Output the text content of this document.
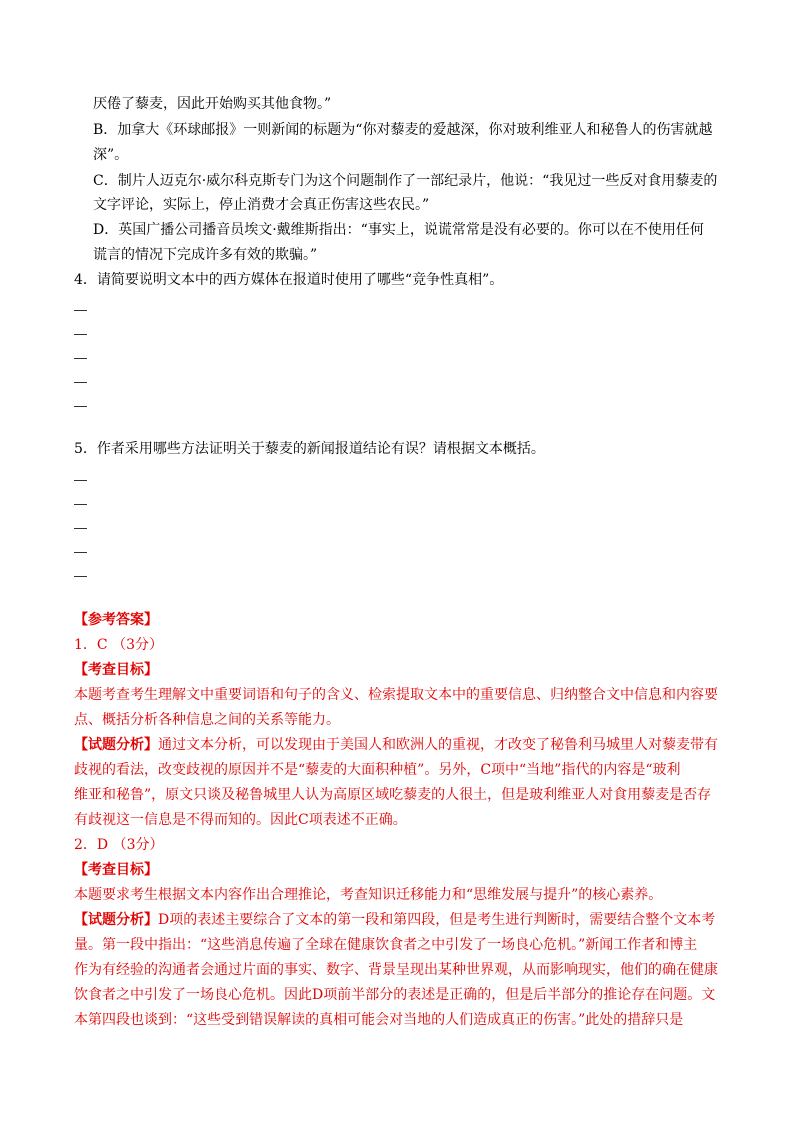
厌倦了藜麦，因此开始购买其他食物。”
B．加拿大《环球邮报》一则新闻的标题为“你对藜麦的爱越深，你对玻利维亚人和秘鲁人的伤害就越
深”。
C．制片人迈克尔·威尔科克斯专门为这个问题制作了一部纪录片，他说：“我见过一些反对食用藜麦的
文字评论，实际上，停止消费才会真正伤害这些农民。”
D．英国广播公司播音员埃文·戴维斯指出：“事实上，说谎常常是没有必要的。你可以在不使用任何
谎言的情况下完成许多有效的欺骗。”
4．请简要说明文本中的西方媒体在报道时使用了哪些“竞争性真相”。
5．作者采用哪些方法证明关于藜麦的新闻报道结论有误？请根据文本概括。
【参考答案】
1．C （3分）
【考查目标】
本题考查考生理解文中重要词语和句子的含义、检索提取文本中的重要信息、归纳整合文中信息和内容要
点、概括分析各种信息之间的关系等能力。
【试题分析】通过文本分析，可以发现由于美国人和欧洲人的重视，才改变了秘鲁利马城里人对藜麦带有
歧视的看法，改变歧视的原因并不是“藜麦的大面积种植”。另外，C项中“当地”指代的内容是“玻利
维亚和秘鲁”，原文只谈及秘鲁城里人认为高原区域吃藜麦的人很土，但是玻利维亚人对食用藜麦是否存
有歧视这一信息是不得而知的。因此C项表述不正确。
2．D （3分）
【考查目标】
本题要求考生根据文本内容作出合理推论，考查知识迁移能力和“思维发展与提升”的核心素养。
【试题分析】D项的表述主要综合了文本的第一段和第四段，但是考生进行判断时，需要结合整个文本考
量。第一段中指出：“这些消息传遍了全球在健康饮食者之中引发了一场良心危机。”新闻工作者和博主
作为有经验的沟通者会通过片面的事实、数字、背景呈现出某种世界观，从而影响现实，他们的确在健康
饮食者之中引发了一场良心危机。因此D项前半部分的表述是正确的，但是后半部分的推论存在问题。文
本第四段也谈到：“这些受到错误解读的真相可能会对当地的人们造成真正的伤害。”此处的措辞只是
